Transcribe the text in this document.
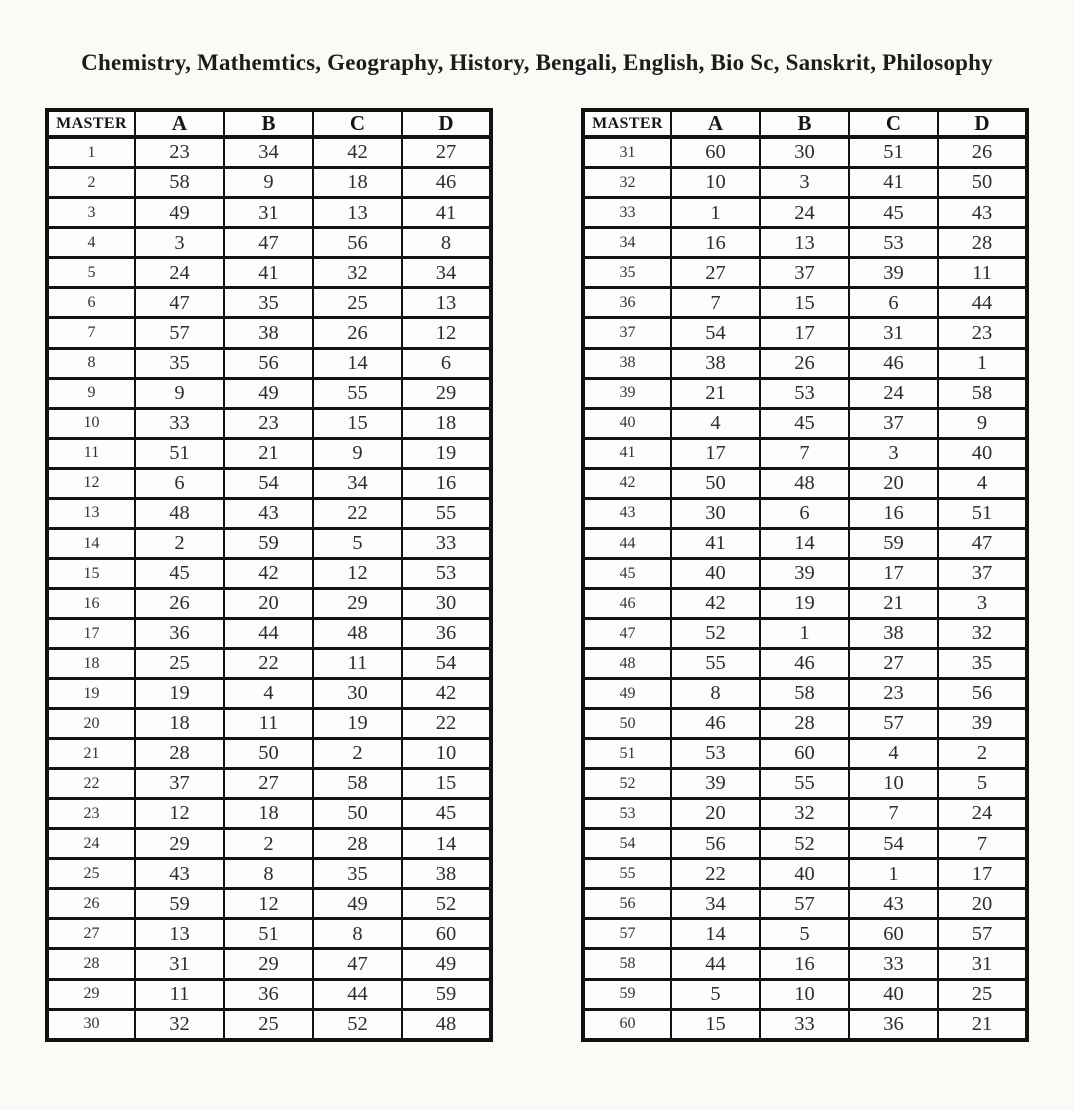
Chemistry, Mathemtics, Geography, History, Bengali, English, Bio Sc, Sanskrit, Philosophy
MASTER	A	B	C	D
1	23	34	42	27
2	58	9	18	46
3	49	31	13	41
4	3	47	56	8
5	24	41	32	34
6	47	35	25	13
7	57	38	26	12
8	35	56	14	6
9	9	49	55	29
10	33	23	15	18
11	51	21	9	19
12	6	54	34	16
13	48	43	22	55
14	2	59	5	33
15	45	42	12	53
16	26	20	29	30
17	36	44	48	36
18	25	22	11	54
19	19	4	30	42
20	18	11	19	22
21	28	50	2	10
22	37	27	58	15
23	12	18	50	45
24	29	2	28	14
25	43	8	35	38
26	59	12	49	52
27	13	51	8	60
28	31	29	47	49
29	11	36	44	59
30	32	25	52	48
MASTER	A	B	C	D
31	60	30	51	26
32	10	3	41	50
33	1	24	45	43
34	16	13	53	28
35	27	37	39	11
36	7	15	6	44
37	54	17	31	23
38	38	26	46	1
39	21	53	24	58
40	4	45	37	9
41	17	7	3	40
42	50	48	20	4
43	30	6	16	51
44	41	14	59	47
45	40	39	17	37
46	42	19	21	3
47	52	1	38	32
48	55	46	27	35
49	8	58	23	56
50	46	28	57	39
51	53	60	4	2
52	39	55	10	5
53	20	32	7	24
54	56	52	54	7
55	22	40	1	17
56	34	57	43	20
57	14	5	60	57
58	44	16	33	31
59	5	10	40	25
60	15	33	36	21
